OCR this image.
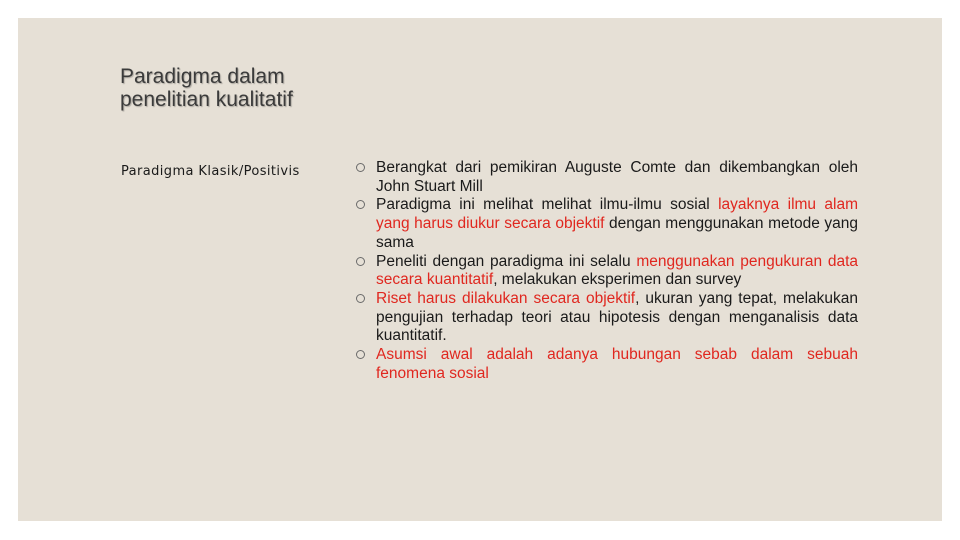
Paradigma dalam
penelitian kualitatif
Paradigma Klasik/Positivis	Berangkat dari pemikiran Auguste Comte dan dikembangkan oleh John Stuart Mill
Paradigma ini melihat melihat ilmu-ilmu sosial layaknya ilmu alam yang harus diukur secara objektif dengan menggunakan metode yang sama
Peneliti dengan paradigma ini selalu menggunakan pengukuran data secara kuantitatif, melakukan eksperimen dan survey
Riset harus dilakukan secara objektif, ukuran yang tepat, melakukan pengujian terhadap teori atau hipotesis dengan menganalisis data kuantitatif.
Asumsi awal adalah adanya hubungan sebab dalam sebuah fenomena sosial
